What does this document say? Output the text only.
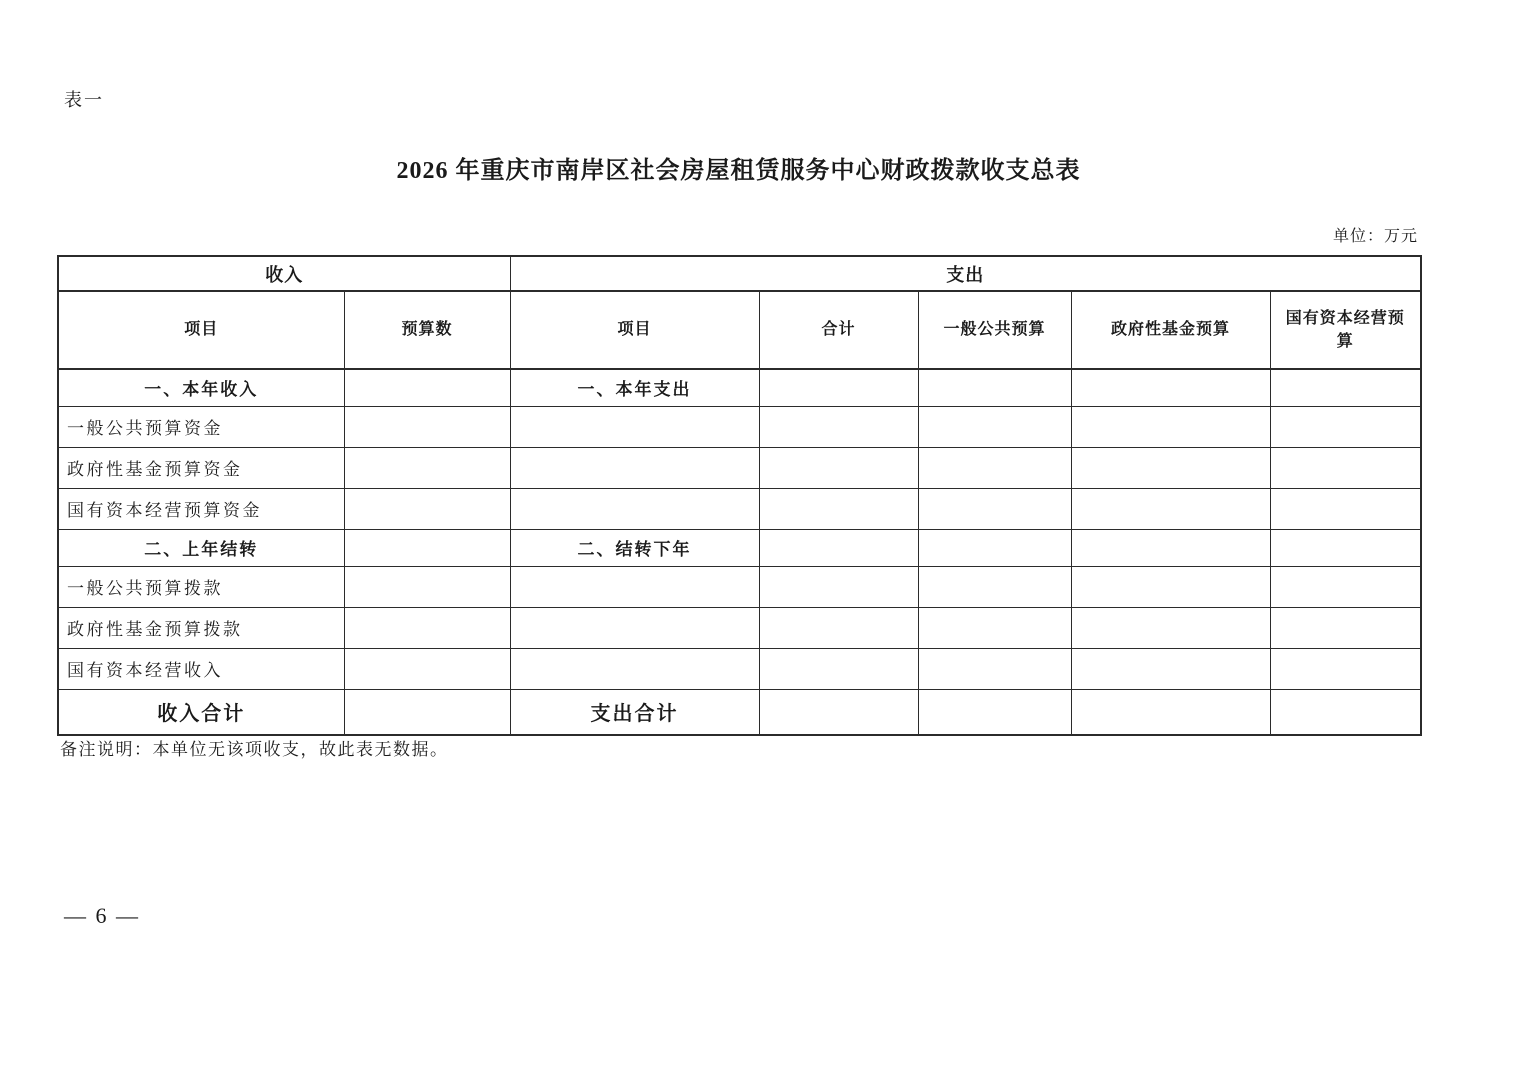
表一
2026 年重庆市南岸区社会房屋租赁服务中心财政拨款收支总表
单位：万元
收入		支出				
项目	预算数	项目	合计	一般公共预算	政府性基金预算	国有资本经营预算
一、本年收入		一、本年支出				
一般公共预算资金						
政府性基金预算资金						
国有资本经营预算资金						
二、上年结转		二、结转下年				
一般公共预算拨款						
政府性基金预算拨款						
国有资本经营收入						
收入合计		支出合计				
备注说明：本单位无该项收支，故此表无数据。
— 6 —
